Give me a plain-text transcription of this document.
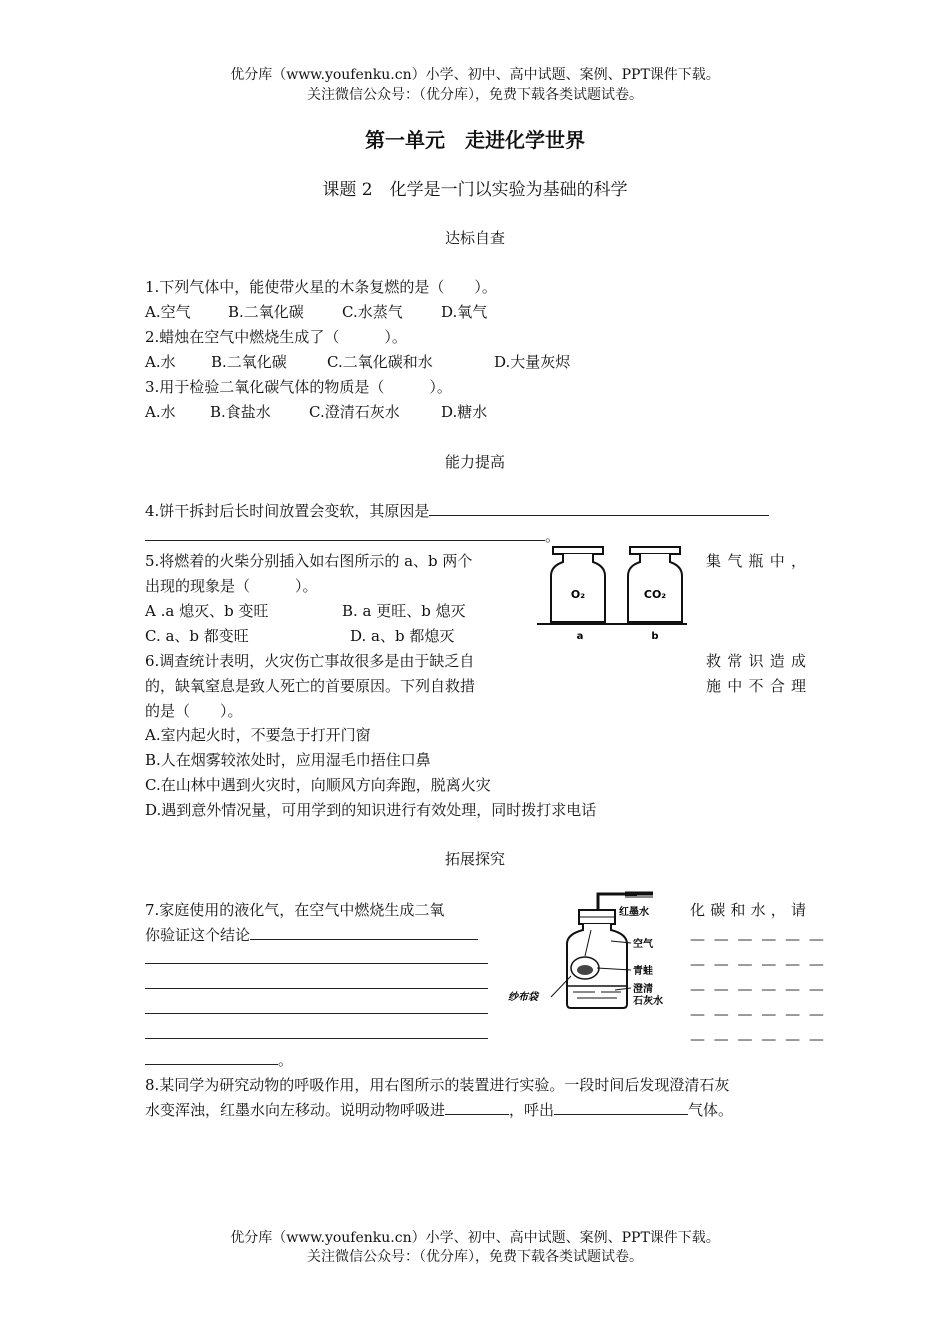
优分库（www.youfenku.cn）小学、初中、高中试题、案例、PPT课件下载。
关注微信公众号：（优分库），免费下载各类试题试卷。
第一单元　走进化学世界
课题 2　化学是一门以实验为基础的科学
达标自查
1.下列气体中，能使带火星的木条复燃的是（　　）。
A.空气 B.二氧化碳	C.水蒸气	D.氧气
2.蜡烛在空气中燃烧生成了（　　　）。
A.水 B.二氧化碳	C.二氧化碳和水	D.大量灰烬
3.用于检验二氧化碳气体的物质是（　　　）。
A.水 B.食盐水	C.澄清石灰水	D.糖水
能力提高
4.饼干拆封后长时间放置会变软，其原因是
。
5.将燃着的火柴分别插入如右图所示的 a、b 两个	集气瓶中，
出现的现象是（　　　）。
A .a 熄灭、b 变旺	B. a 更旺、b 熄灭
C. a、b 都变旺	D. a、b 都熄灭
O₂	CO₂
a	b
6.调查统计表明，火灾伤亡事故很多是由于缺乏自	救常识造成
的，缺氧窒息是致人死亡的首要原因。下列自救措	施中不合理
的是（　　）。
A.室内起火时，不要急于打开门窗
B.人在烟雾较浓处时，应用湿毛巾捂住口鼻
C.在山林中遇到火灾时，向顺风方向奔跑，脱离火灾
D.遇到意外情况量，可用学到的知识进行有效处理，同时拨打求电话
拓展探究
7.家庭使用的液化气，在空气中燃烧生成二氧	化碳和水，请
你验证这个结论
。
— — — — — —
— — — — — —
— — — — — —
— — — — — —
— — — — — —
红墨水
空气
青蛙
澄清
石灰水
纱布袋
8.某同学为研究动物的呼吸作用，用右图所示的装置进行实验。一段时间后发现澄清石灰
水变浑浊，红墨水向左移动。说明动物呼吸进	，呼出	气体。
优分库（www.youfenku.cn）小学、初中、高中试题、案例、PPT课件下载。
关注微信公众号：（优分库），免费下载各类试题试卷。
